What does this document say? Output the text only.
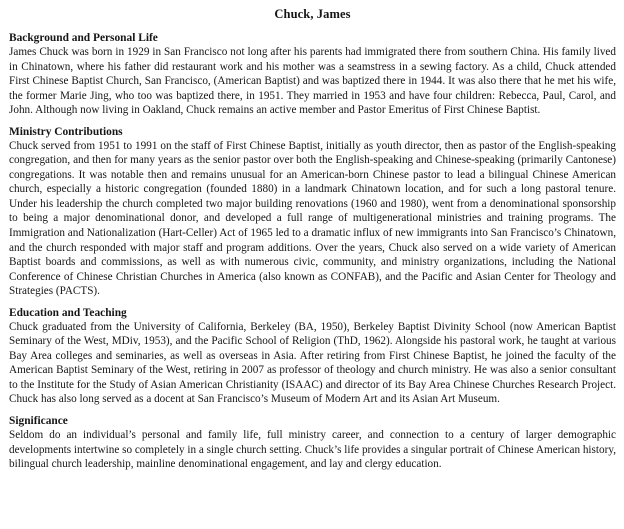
Chuck, James
Background and Personal Life

James Chuck was born in 1929 in San Francisco not long after his parents had immigrated there from southern China. His family lived in Chinatown, where his father did restaurant work and his mother was a seamstress in a sewing factory. As a child, Chuck attended First Chinese Baptist Church, San Francisco, (American Baptist) and was baptized there in 1944. It was also there that he met his wife, the former Marie Jing, who too was baptized there, in 1951. They married in 1953 and have four children: Rebecca, Paul, Carol, and John. Although now living in Oakland, Chuck remains an active member and Pastor Emeritus of First Chinese Baptist.

Ministry Contributions

Chuck served from 1951 to 1991 on the staff of First Chinese Baptist, initially as youth director, then as pastor of the English-speaking congregation, and then for many years as the senior pastor over both the English-speaking and Chinese-speaking (primarily Cantonese) congregations. It was notable then and remains unusual for an American-born Chinese pastor to lead a bilingual Chinese American church, especially a historic congregation (founded 1880) in a landmark Chinatown location, and for such a long pastoral tenure. Under his leadership the church completed two major building renovations (1960 and 1980), went from a denominational sponsorship to being a major denominational donor, and developed a full range of multigenerational ministries and training programs. The Immigration and Nationalization (Hart-Celler) Act of 1965 led to a dramatic influx of new immigrants into San Francisco’s Chinatown, and the church responded with major staff and program additions. Over the years, Chuck also served on a wide variety of American Baptist boards and commissions, as well as with numerous civic, community, and ministry organizations, including the National Conference of Chinese Christian Churches in America (also known as CONFAB), and the Pacific and Asian Center for Theology and Strategies (PACTS).

Education and Teaching

Chuck graduated from the University of California, Berkeley (BA, 1950), Berkeley Baptist Divinity School (now American Baptist Seminary of the West, MDiv, 1953), and the Pacific School of Religion (ThD, 1962). Alongside his pastoral work, he taught at various Bay Area colleges and seminaries, as well as overseas in Asia. After retiring from First Chinese Baptist, he joined the faculty of the American Baptist Seminary of the West, retiring in 2007 as professor of theology and church ministry. He was also a senior consultant to the Institute for the Study of Asian American Christianity (ISAAC) and director of its Bay Area Chinese Churches Research Project. Chuck has also long served as a docent at San Francisco’s Museum of Modern Art and its Asian Art Museum.

Significance

Seldom do an individual’s personal and family life, full ministry career, and connection to a century of larger demographic developments intertwine so completely in a single church setting. Chuck’s life provides a singular portrait of Chinese American history, bilingual church leadership, mainline denominational engagement, and lay and clergy education.
